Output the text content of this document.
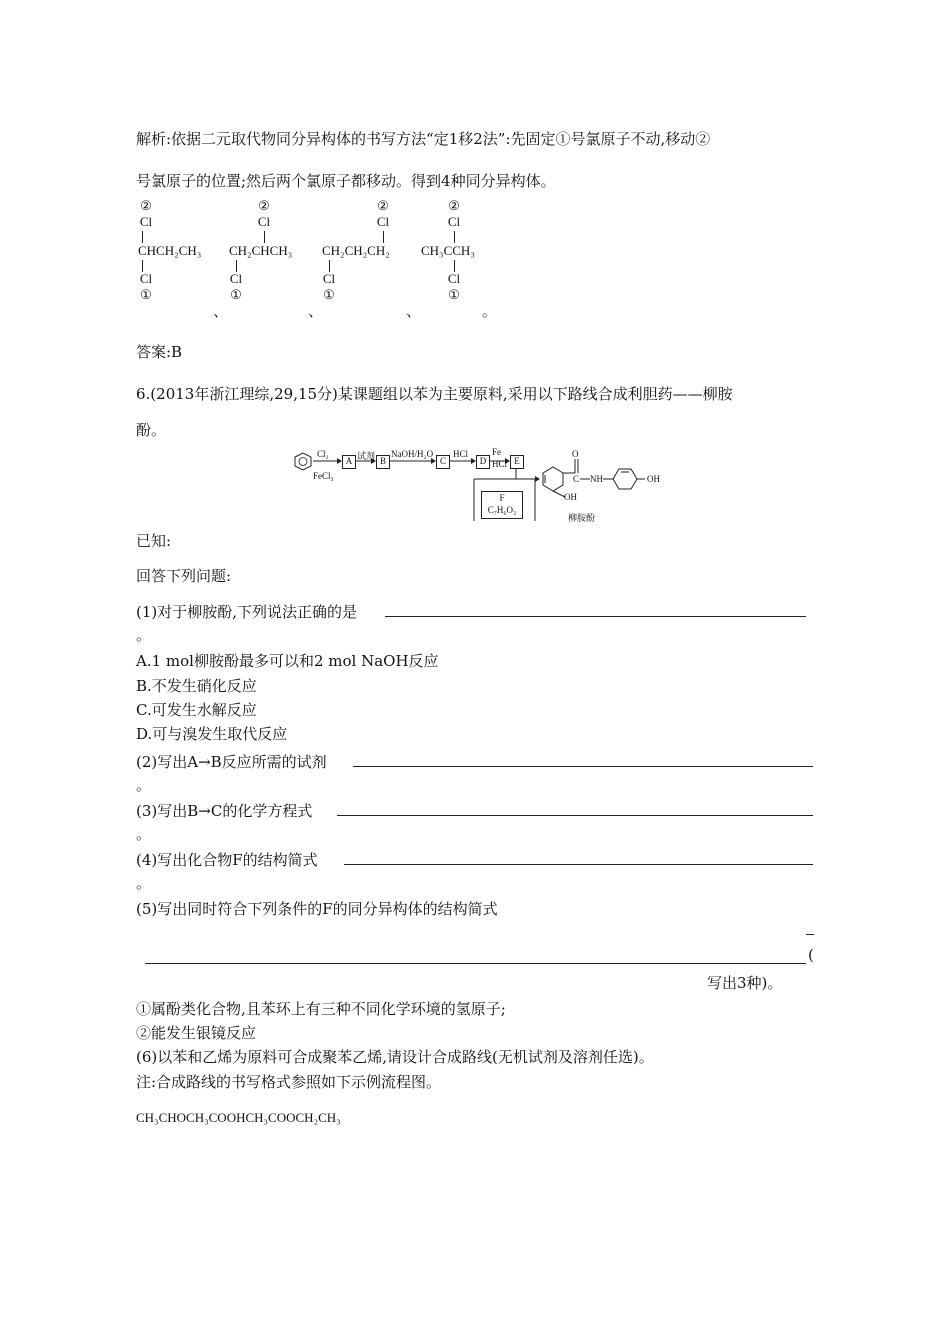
解析:依据二元取代物同分异构体的书写方法“定1移2法”:先固定①号氯原子不动,移动②
号氯原子的位置;然后两个氯原子都移动。得到4种同分异构体。
②
Cl
CHCH₂CH₃
Cl
①
②
Cl
CH₂CHCH₃
Cl
①
②
Cl
CH₂CH₂CH₂
Cl
①
②
Cl
CH₃CCH₃
Cl
①
、	、	、	。
答案:B
6.(2013年浙江理综,29,15分)某课题组以苯为主要原料,采用以下路线合成利胆药——柳胺
酚。
Cl₂
FeCl₃
A 试剂 B
NaOH/H₂O
C
HCl
D
Fe
HCl E
F
C₇H₆O₃
O
C NH	OH
OH
柳胺酚
已知:
回答下列问题:
(1)对于柳胺酚,下列说法正确的是
。
A.1 mol柳胺酚最多可以和2 mol NaOH反应
B.不发生硝化反应
C.可发生水解反应
D.可与溴发生取代反应
(2)写出A→B反应所需的试剂
。
(3)写出B→C的化学方程式
。
(4)写出化合物F的结构简式
。
(5)写出同时符合下列条件的F的同分异构体的结构简式
(
写出3种)。
①属酚类化合物,且苯环上有三种不同化学环境的氢原子;
②能发生银镜反应
(6)以苯和乙烯为原料可合成聚苯乙烯,请设计合成路线(无机试剂及溶剂任选)。
注:合成路线的书写格式参照如下示例流程图。
CH₃CHOCH₃COOHCH₃COOCH₂CH₃
